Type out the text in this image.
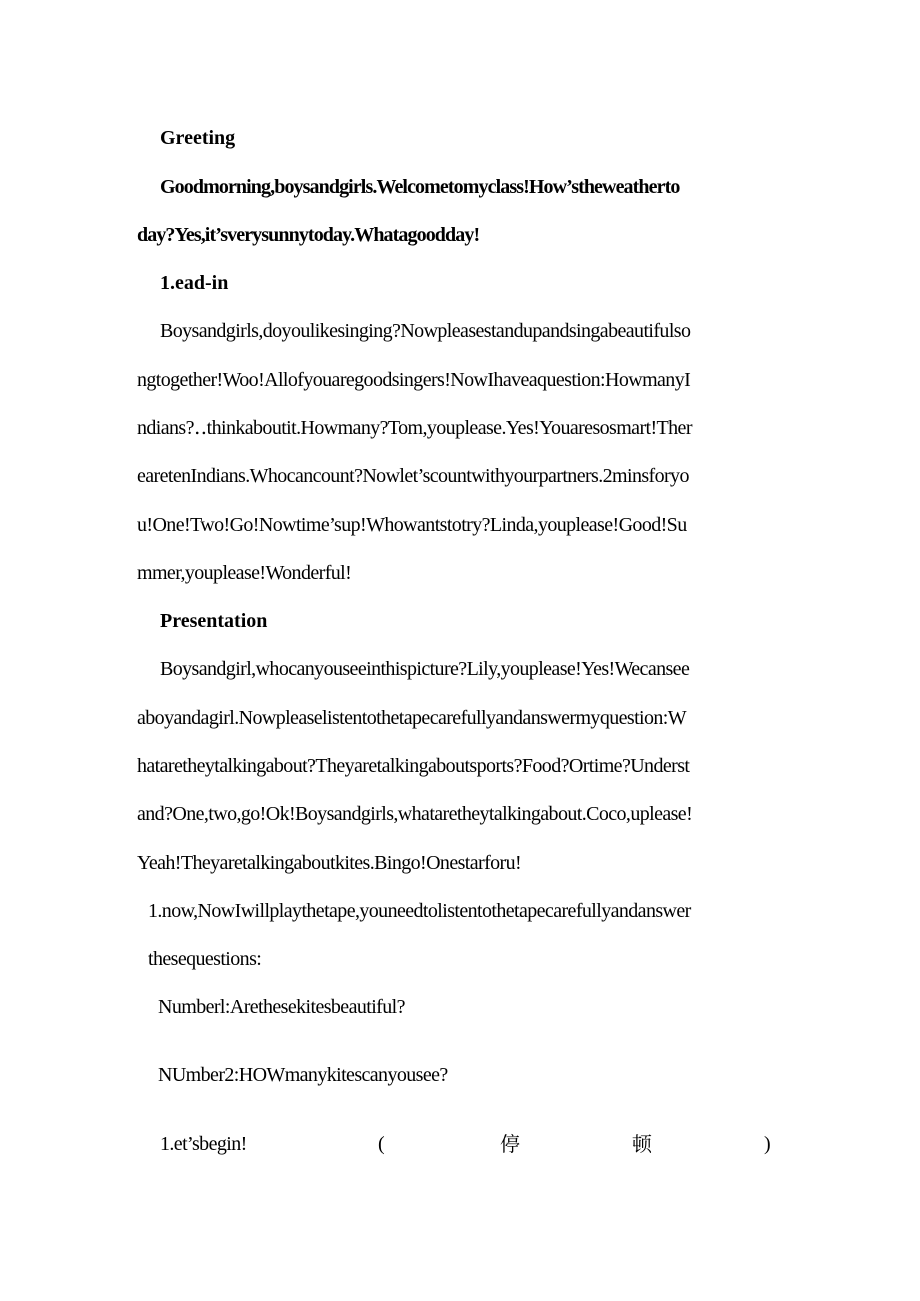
Greeting
Goodmorning,boysandgirls.Welcometomyclass!How’stheweatherto
day?Yes,it’sverysunnytoday.Whatagoodday!
1.ead-in
Boysandgirls,doyoulikesinging?Nowpleasestandupandsingabeautifulso
ngtogether!Woo!Allofyouaregoodsingers!NowIhaveaquestion:HowmanyI
ndians?‥thinkaboutit.Howmany?Tom,youplease.Yes!Youaresosmart!Ther
earetenIndians.Whocancount?Nowlet’scountwithyourpartners.2minsforyo
u!One!Two!Go!Nowtime’sup!Whowantstotry?Linda,youplease!Good!Su
mmer,youplease!Wonderful!
Presentation
Boysandgirl,whocanyouseeinthispicture?Lily,youplease!Yes!Wecansee
aboyandagirl.Nowpleaselistentothetapecarefullyandanswermyquestion:W
hataretheytalkingabout?Theyaretalkingaboutsports?Food?Ortime?Underst
and?One,two,go!Ok!Boysandgirls,whataretheytalkingabout.Coco,uplease!
Yeah!Theyaretalkingaboutkites.Bingo!Onestarforu!
1.now,NowIwillplaythetape,youneedtolistentothetapecarefullyandanswer
thesequestions:
Numberl:Arethesekitesbeautiful?
NUmber2:HOWmanykitescanyousee?
1.et’sbegin!	(	停	顿	)
